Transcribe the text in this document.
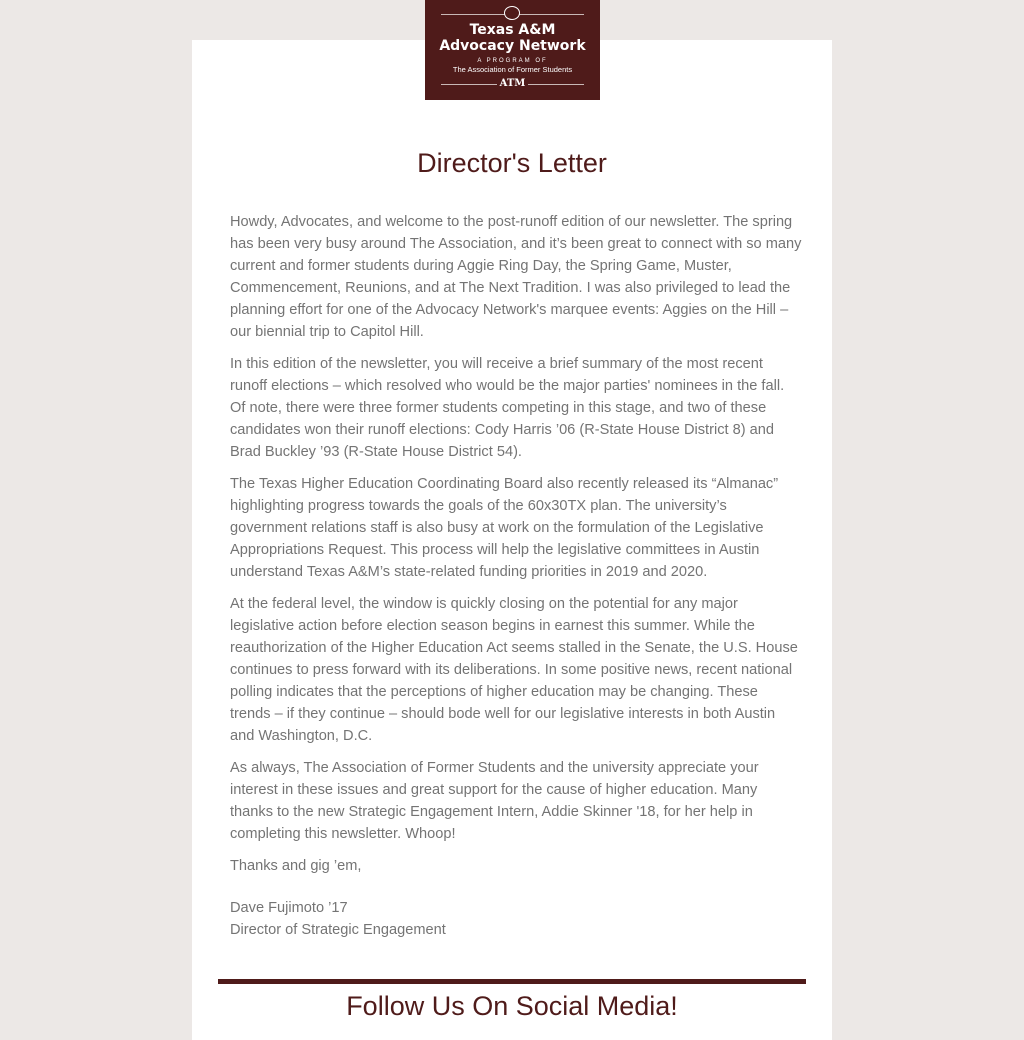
Texas A&M
Advocacy Network
A PROGRAM OF
The Association of Former Students
ATM
Director's Letter

Howdy, Advocates, and welcome to the post-runoff edition of our newsletter. The spring has been very busy around The Association, and it’s been great to connect with so many current and former students during Aggie Ring Day, the Spring Game, Muster, Commencement, Reunions, and at The Next Tradition. I was also privileged to lead the planning effort for one of the Advocacy Network's marquee events: Aggies on the Hill – our biennial trip to Capitol Hill.

In this edition of the newsletter, you will receive a brief summary of the most recent runoff elections – which resolved who would be the major parties' nominees in the fall. Of note, there were three former students competing in this stage, and two of these candidates won their runoff elections: Cody Harris ’06 (R-State House District 8) and Brad Buckley ’93 (R-State House District 54).

The Texas Higher Education Coordinating Board also recently released its “Almanac” highlighting progress towards the goals of the 60x30TX plan. The university’s government relations staff is also busy at work on the formulation of the Legislative Appropriations Request. This process will help the legislative committees in Austin understand Texas A&M’s state-related funding priorities in 2019 and 2020.

At the federal level, the window is quickly closing on the potential for any major legislative action before election season begins in earnest this summer. While the reauthorization of the Higher Education Act seems stalled in the Senate, the U.S. House continues to press forward with its deliberations. In some positive news, recent national polling indicates that the perceptions of higher education may be changing. These trends – if they continue – should bode well for our legislative interests in both Austin and Washington, D.C.

As always, The Association of Former Students and the university appreciate your interest in these issues and great support for the cause of higher education. Many thanks to the new Strategic Engagement Intern, Addie Skinner '18, for her help in completing this newsletter. Whoop!

Thanks and gig ’em,

Dave Fujimoto ’17

Director of Strategic Engagement

Follow Us On Social Media!
